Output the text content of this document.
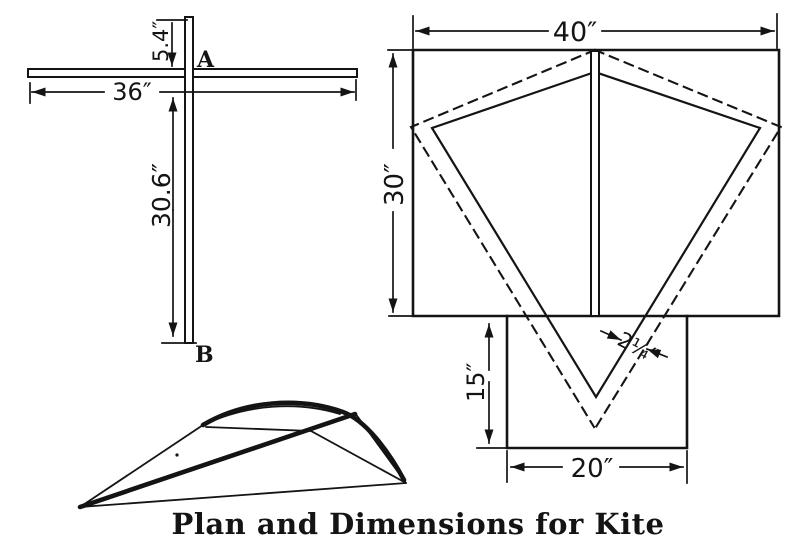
5.4″
36″
30.6″
A
B
40″
30″
15″
20″
2¼″
Plan and Dimensions for Kite
